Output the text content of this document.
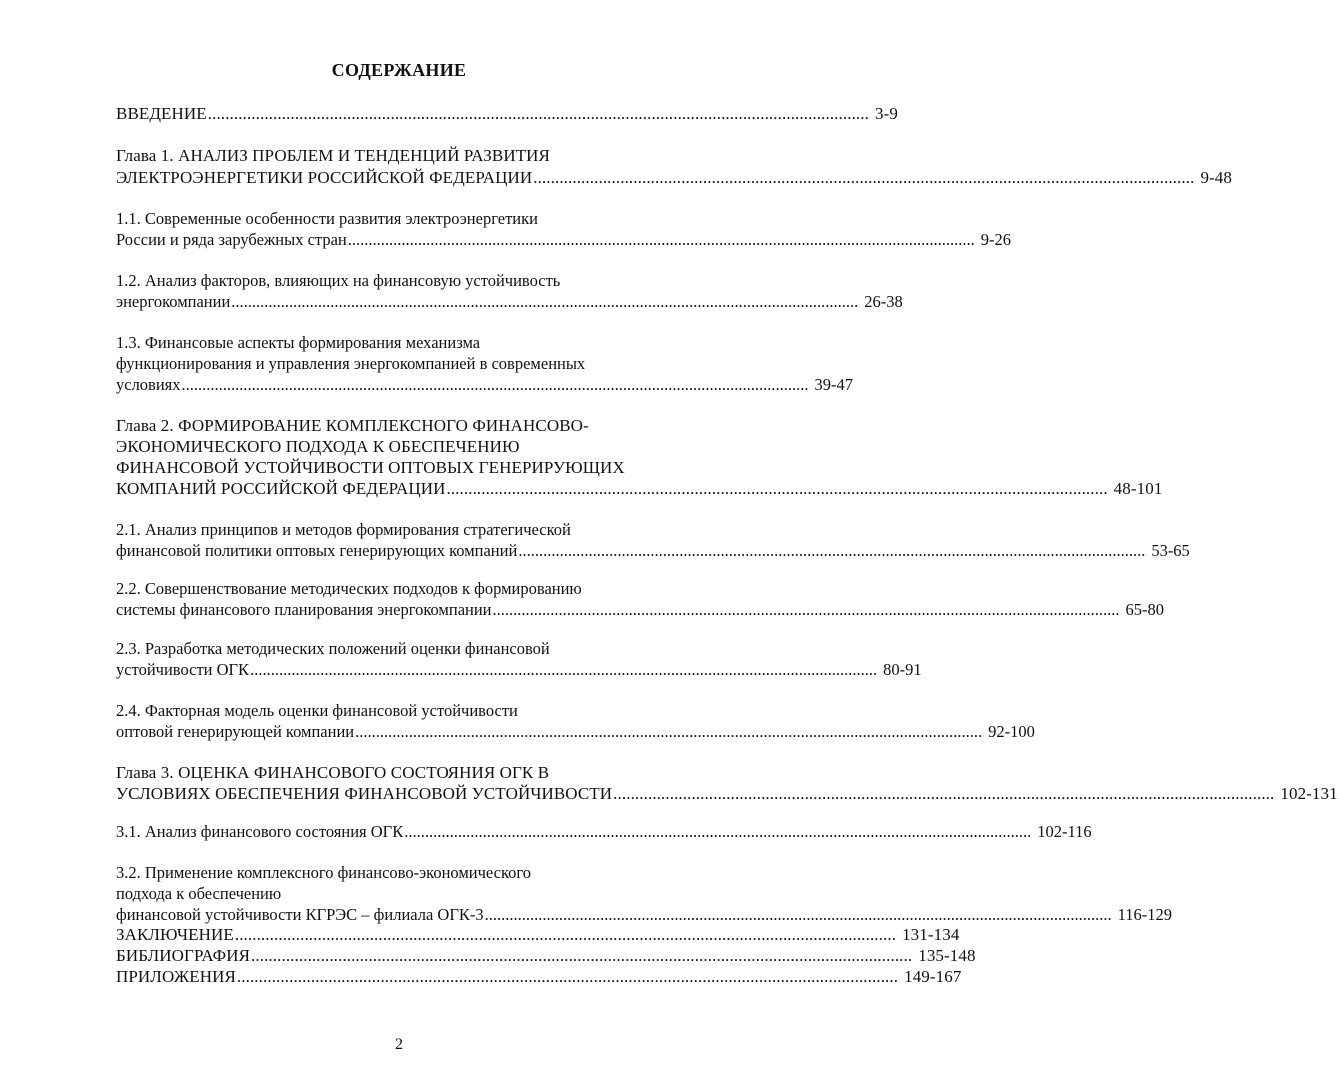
СОДЕРЖАНИЕ
ВВЕДЕНИЕ ........................................................................................................................................................ 3-9
Глава 1. АНАЛИЗ ПРОБЛЕМ И ТЕНДЕНЦИЙ РАЗВИТИЯ
ЭЛЕКТРОЭНЕРГЕТИКИ РОССИЙСКОЙ ФЕДЕРАЦИИ ........................................................................................................................................................ 9-48
1.1. Современные особенности развития электроэнергетики
России и ряда зарубежных стран ........................................................................................................................................................ 9-26
1.2. Анализ факторов, влияющих на финансовую устойчивость
энергокомпании ........................................................................................................................................................ 26-38
1.3. Финансовые аспекты формирования механизма
функционирования и управления энергокомпанией в современных
условиях ........................................................................................................................................................ 39-47
Глава 2. ФОРМИРОВАНИЕ КОМПЛЕКСНОГО ФИНАНСОВО-
ЭКОНОМИЧЕСКОГО ПОДХОДА К ОБЕСПЕЧЕНИЮ
ФИНАНСОВОЙ УСТОЙЧИВОСТИ ОПТОВЫХ ГЕНЕРИРУЮЩИХ
КОМПАНИЙ РОССИЙСКОЙ ФЕДЕРАЦИИ ........................................................................................................................................................ 48-101
2.1. Анализ принципов и методов формирования стратегической
финансовой политики оптовых генерирующих компаний ........................................................................................................................................................ 53-65
2.2. Совершенствование методических подходов к формированию
системы финансового планирования энергокомпании ........................................................................................................................................................ 65-80
2.3. Разработка методических положений оценки финансовой
устойчивости ОГК ........................................................................................................................................................ 80-91
2.4. Факторная модель оценки финансовой устойчивости
оптовой генерирующей компании ........................................................................................................................................................ 92-100
Глава 3. ОЦЕНКА ФИНАНСОВОГО СОСТОЯНИЯ ОГК В
УСЛОВИЯХ ОБЕСПЕЧЕНИЯ ФИНАНСОВОЙ УСТОЙЧИВОСТИ ........................................................................................................................................................ 102-131
3.1. Анализ финансового состояния ОГК ........................................................................................................................................................ 102-116
3.2. Применение комплексного финансово-экономического
подхода к обеспечению
финансовой устойчивости КГРЭС – филиала ОГК-3 ........................................................................................................................................................ 116-129
ЗАКЛЮЧЕНИЕ ........................................................................................................................................................ 131-134
БИБЛИОГРАФИЯ ........................................................................................................................................................ 135-148
ПРИЛОЖЕНИЯ ........................................................................................................................................................ 149-167
2
